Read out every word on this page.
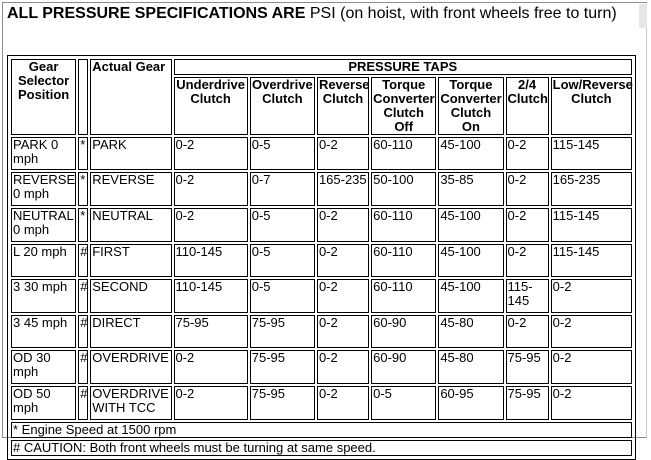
ALL PRESSURE SPECIFICATIONS ARE PSI (on hoist, with front wheels free to turn)
Gear Selector Position		Actual Gear	PRESSURE TAPS						
			Underdrive Clutch	Overdrive Clutch	Reverse Clutch	Torque Converter Clutch Off	Torque Converter Clutch On	2/4 Clutch	Low/Reverse Clutch
PARK 0 mph	*	PARK	0-2	0-5	0-2	60-110	45-100	0-2	115-145
REVERSE 0 mph	*	REVERSE	0-2	0-7	165-235	50-100	35-85	0-2	165-235
NEUTRAL 0 mph	*	NEUTRAL	0-2	0-5	0-2	60-110	45-100	0-2	115-145
L 20 mph	#	FIRST	110-145	0-5	0-2	60-110	45-100	0-2	115-145
3 30 mph	#	SECOND	110-145	0-5	0-2	60-110	45-100	115-145	0-2
3 45 mph	#	DIRECT	75-95	75-95	0-2	60-90	45-80	0-2	0-2
OD 30 mph	#	OVERDRIVE	0-2	75-95	0-2	60-90	45-80	75-95	0-2
OD 50 mph	#	OVERDRIVE WITH TCC	0-2	75-95	0-2	0-5	60-95	75-95	0-2
* Engine Speed at 1500 rpm									
# CAUTION: Both front wheels must be turning at same speed.									
